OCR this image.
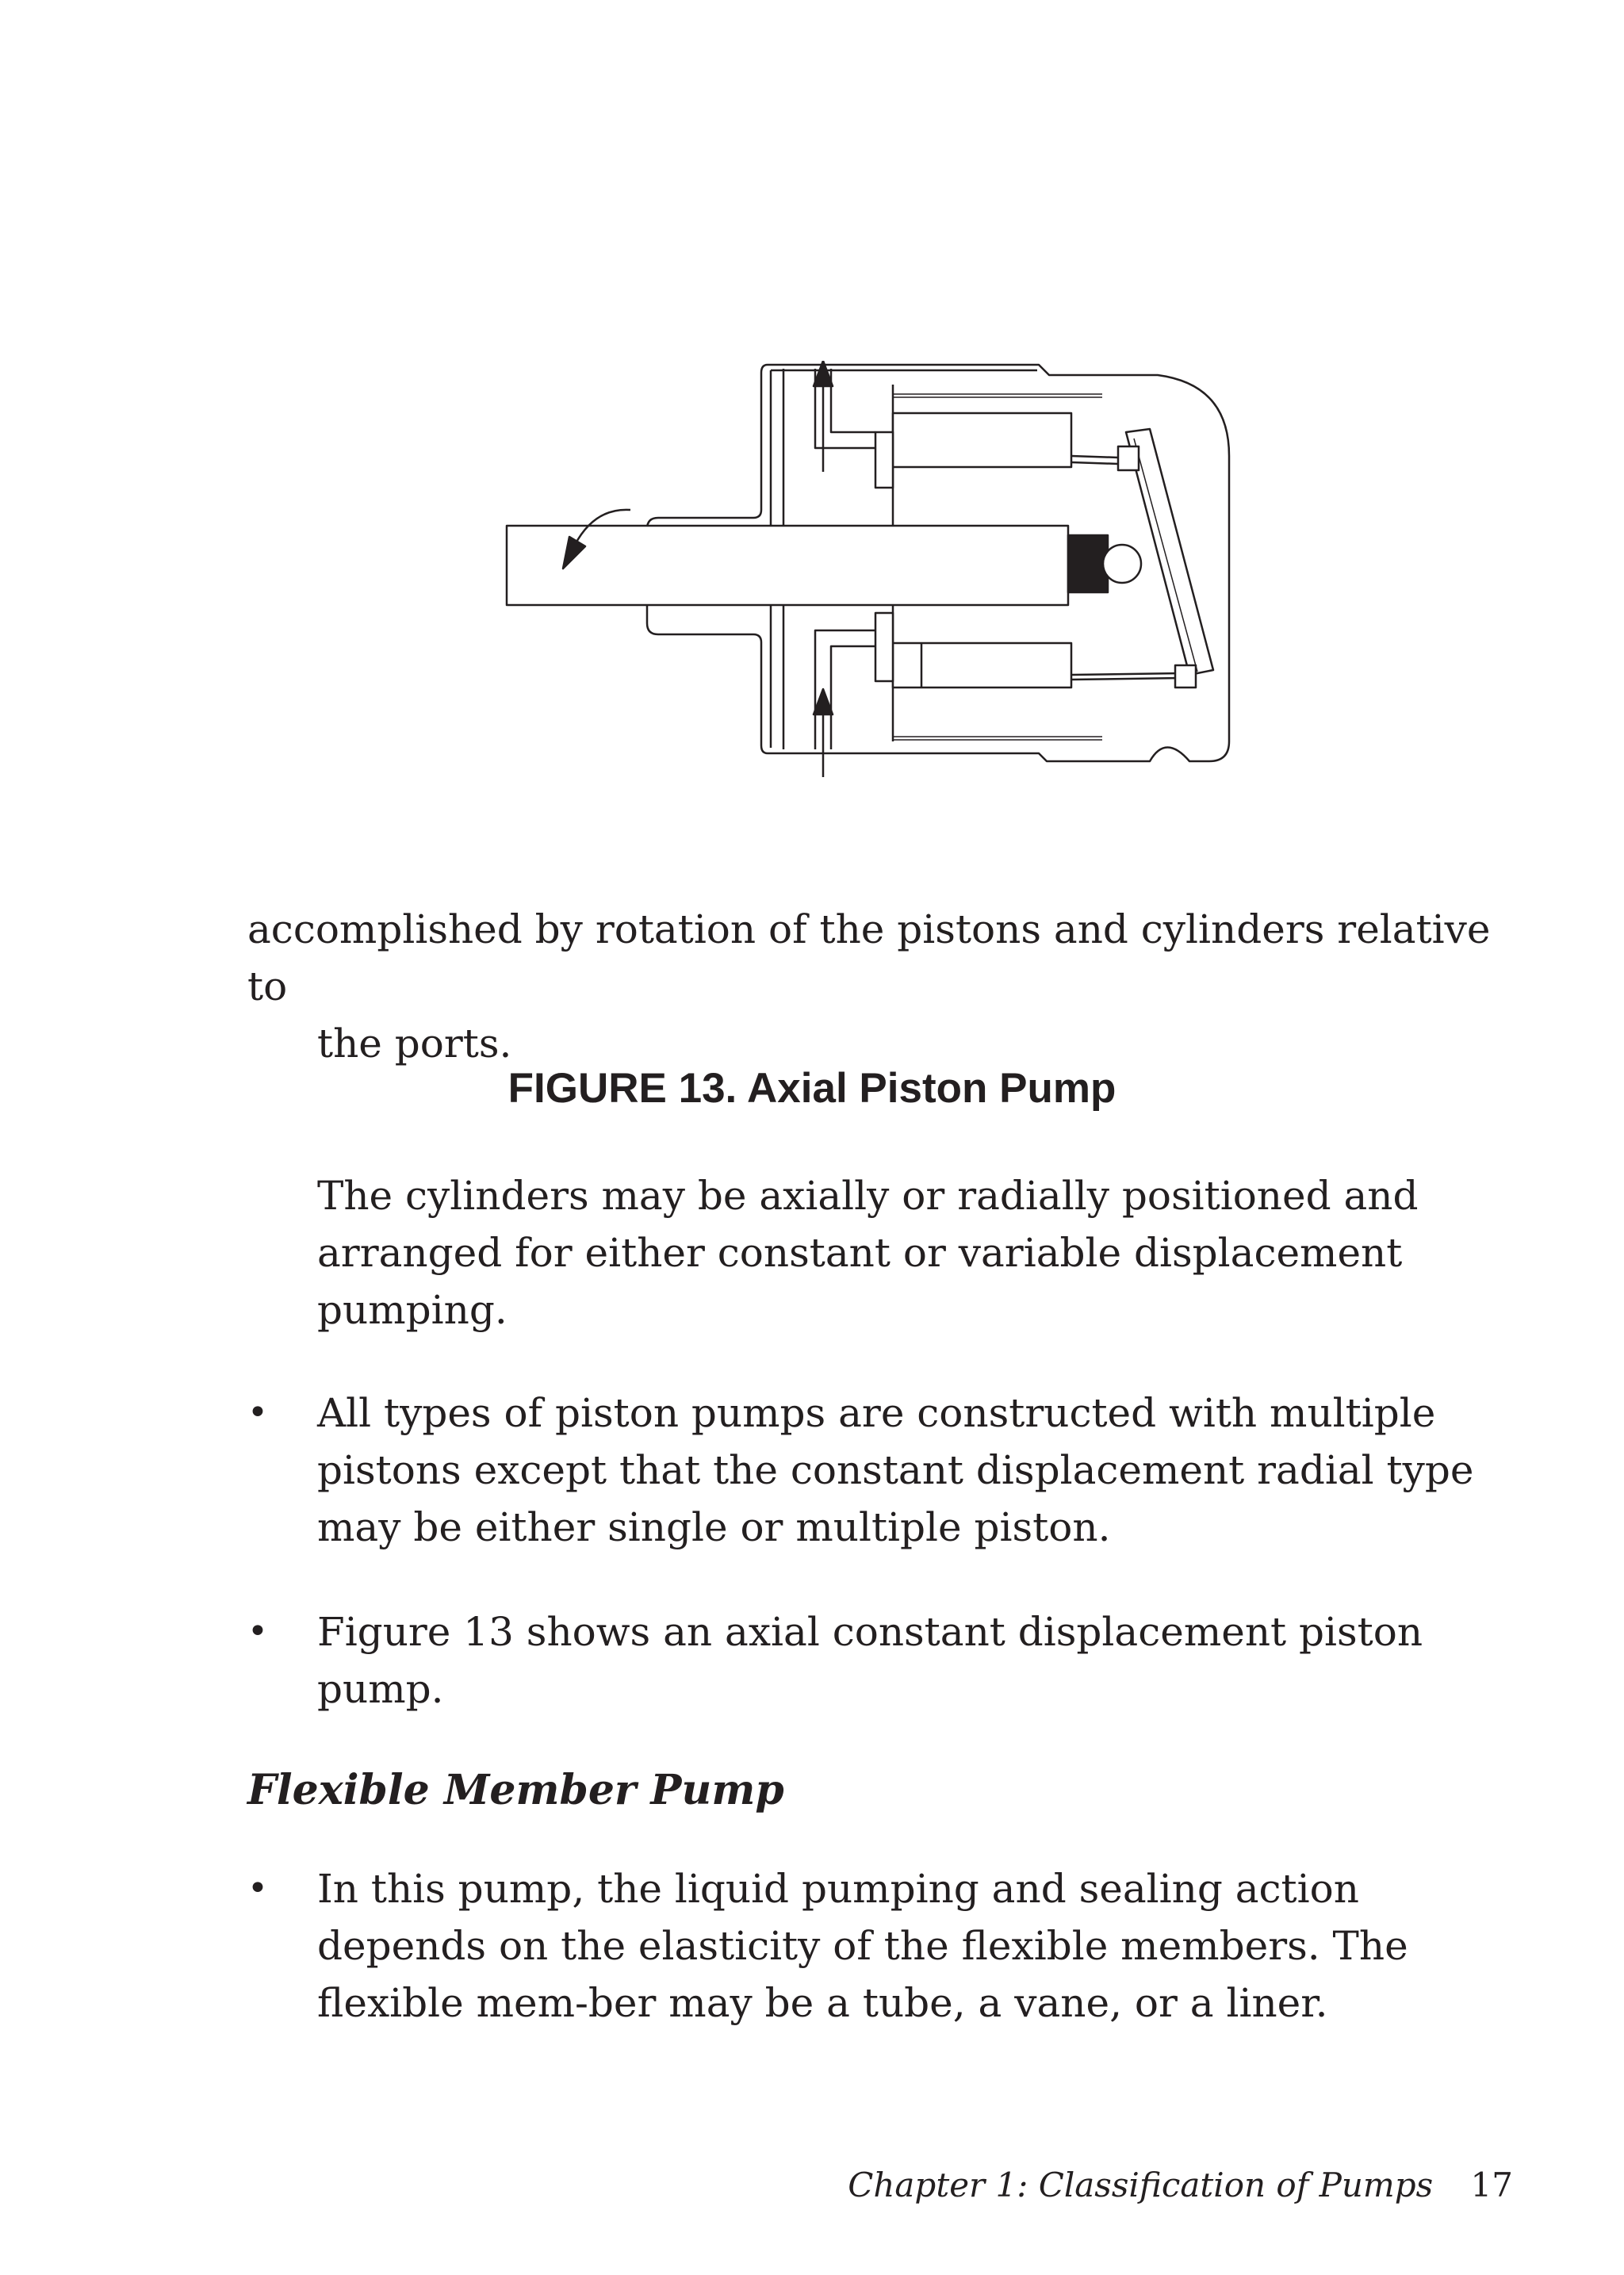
accomplished by rotation of the pistons and cylinders relative to
the ports.

FIGURE 13. Axial Piston Pump

The cylinders may be axially or radially positioned and arranged for either constant or variable displacement pumping.

•	All types of piston pumps are constructed with multiple pistons except that the constant displacement radial type may be either single or multiple piston.

•	Figure 13 shows an axial constant displacement piston pump.

Flexible Member Pump
•	In this pump, the liquid pumping and sealing action depends on the elasticity of the flexible members. The flexible mem-ber may be a tube, a vane, or a liner.

Chapter 1: Classification of Pumps 17
